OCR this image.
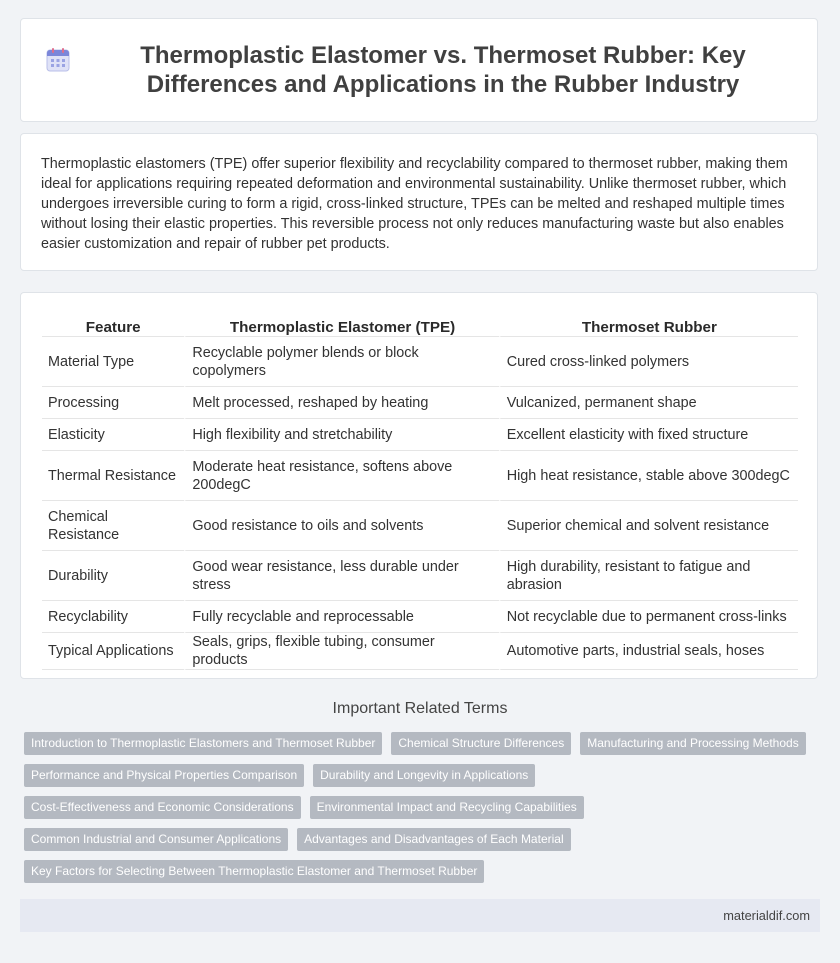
Thermoplastic Elastomer vs. Thermoset Rubber: Key Differences and Applications in the Rubber Industry

Thermoplastic elastomers (TPE) offer superior flexibility and recyclability compared to thermoset rubber, making them ideal for applications requiring repeated deformation and environmental sustainability. Unlike thermoset rubber, which undergoes irreversible curing to form a rigid, cross-linked structure, TPEs can be melted and reshaped multiple times without losing their elastic properties. This reversible process not only reduces manufacturing waste but also enables easier customization and repair of rubber pet products.

Feature	Thermoplastic Elastomer (TPE)	Thermoset Rubber
Material Type	Recyclable polymer blends or block copolymers	Cured cross-linked polymers
Processing	Melt processed, reshaped by heating	Vulcanized, permanent shape
Elasticity	High flexibility and stretchability	Excellent elasticity with fixed structure
Thermal Resistance	Moderate heat resistance, softens above 200degC	High heat resistance, stable above 300degC
Chemical Resistance	Good resistance to oils and solvents	Superior chemical and solvent resistance
Durability	Good wear resistance, less durable under stress	High durability, resistant to fatigue and abrasion
Recyclability	Fully recyclable and reprocessable	Not recyclable due to permanent cross-links
Typical Applications	Seals, grips, flexible tubing, consumer products	Automotive parts, industrial seals, hoses
Important Related Terms
Introduction to Thermoplastic Elastomers and Thermoset Rubber	Chemical Structure Differences	Manufacturing and Processing Methods
Performance and Physical Properties Comparison	Durability and Longevity in Applications
Cost-Effectiveness and Economic Considerations	Environmental Impact and Recycling Capabilities
Common Industrial and Consumer Applications	Advantages and Disadvantages of Each Material
Key Factors for Selecting Between Thermoplastic Elastomer and Thermoset Rubber
materialdif.com
